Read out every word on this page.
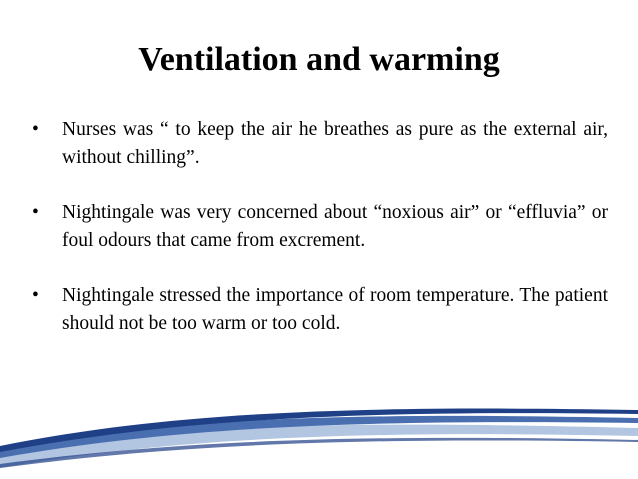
Ventilation and warming
• Nurses was “ to keep the air he breathes as pure as the external air, without chilling”.
• Nightingale was very concerned about “noxious air” or “effluvia” or foul odours that came from excrement.
• Nightingale stressed the importance of room temperature. The patient should not be too warm or too cold.
